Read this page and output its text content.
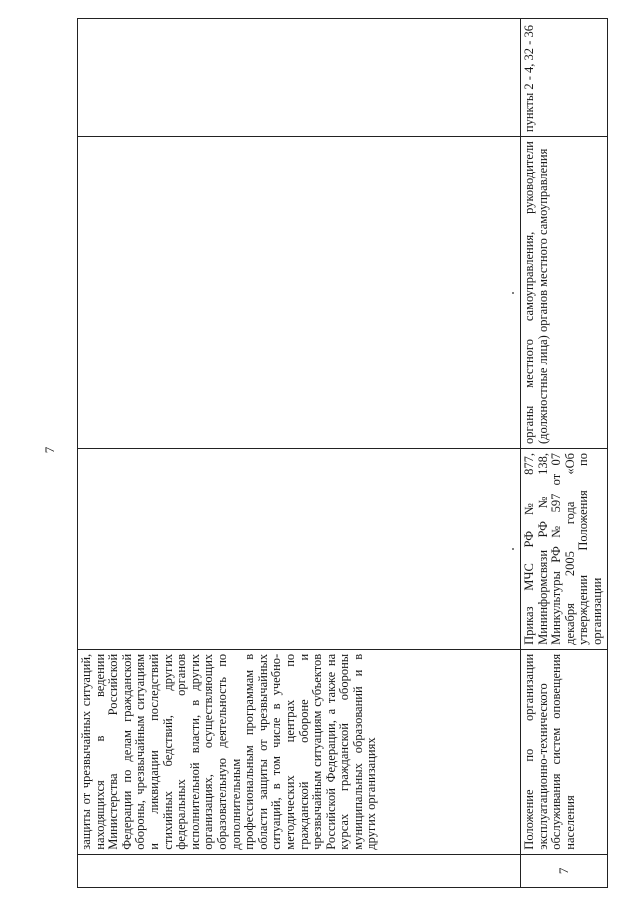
7
	защиты от чрезвычайных ситуаций, находящихся в ведении Министерства Российской Федерации по делам гражданской обороны, чрезвычайным ситуациям и ликвидации последствий стихийных бедствий, других федеральных органов исполнительной власти, в других организациях, осуществляющих образовательную деятельность по дополнительным профессиональным программам в области защиты от чрезвычайных ситуаций, в том числе в учебно-методических центрах по гражданской обороне и чрезвычайным ситуациям субъектов Российской Федерации, а также на курсах гражданской обороны муниципальных образований и в других организациях			
7	Положение по организации эксплуатационно-технического обслуживания систем оповещения населения	Приказ МЧС РФ № 877, Мининформсвязи РФ № 138, Минкультуры РФ № 597 от 07 декабря 2005 года «Об утверждении Положения по организации	органы местного самоуправления, руководители (должностные лица) органов местного самоуправления	пункты 2 - 4, 32 - 36
